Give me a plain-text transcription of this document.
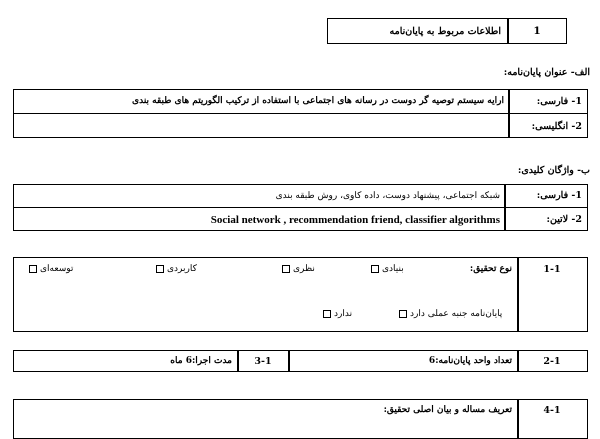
1
اطلاعات مربوط به پایان‌نامه
الف- عنوان پایان‌نامه:
1- فارسی:
ارایه سیستم توصیه گر دوست در رسانه های اجتماعی با استفاده از ترکیب الگوریتم های طبقه بندی
2- انگلیسی:
ب- واژگان کلیدی:
1- فارسی:
شبکه اجتماعی، پیشنهاد دوست، داده کاوی، روش طبقه بندی
2- لاتین:
Social network , recommendation friend, classifier algorithms
1-1
نوع تحقیق:
بنیادی
نظری
کاربردی
توسعه‌ای
پایان‌نامه جنبه عملی دارد
ندارد
2-1
تعداد واحد پایان‌نامه:6
3-1
مدت اجرا:6 ماه
4-1
تعریف مساله و بیان اصلی تحقیق:
